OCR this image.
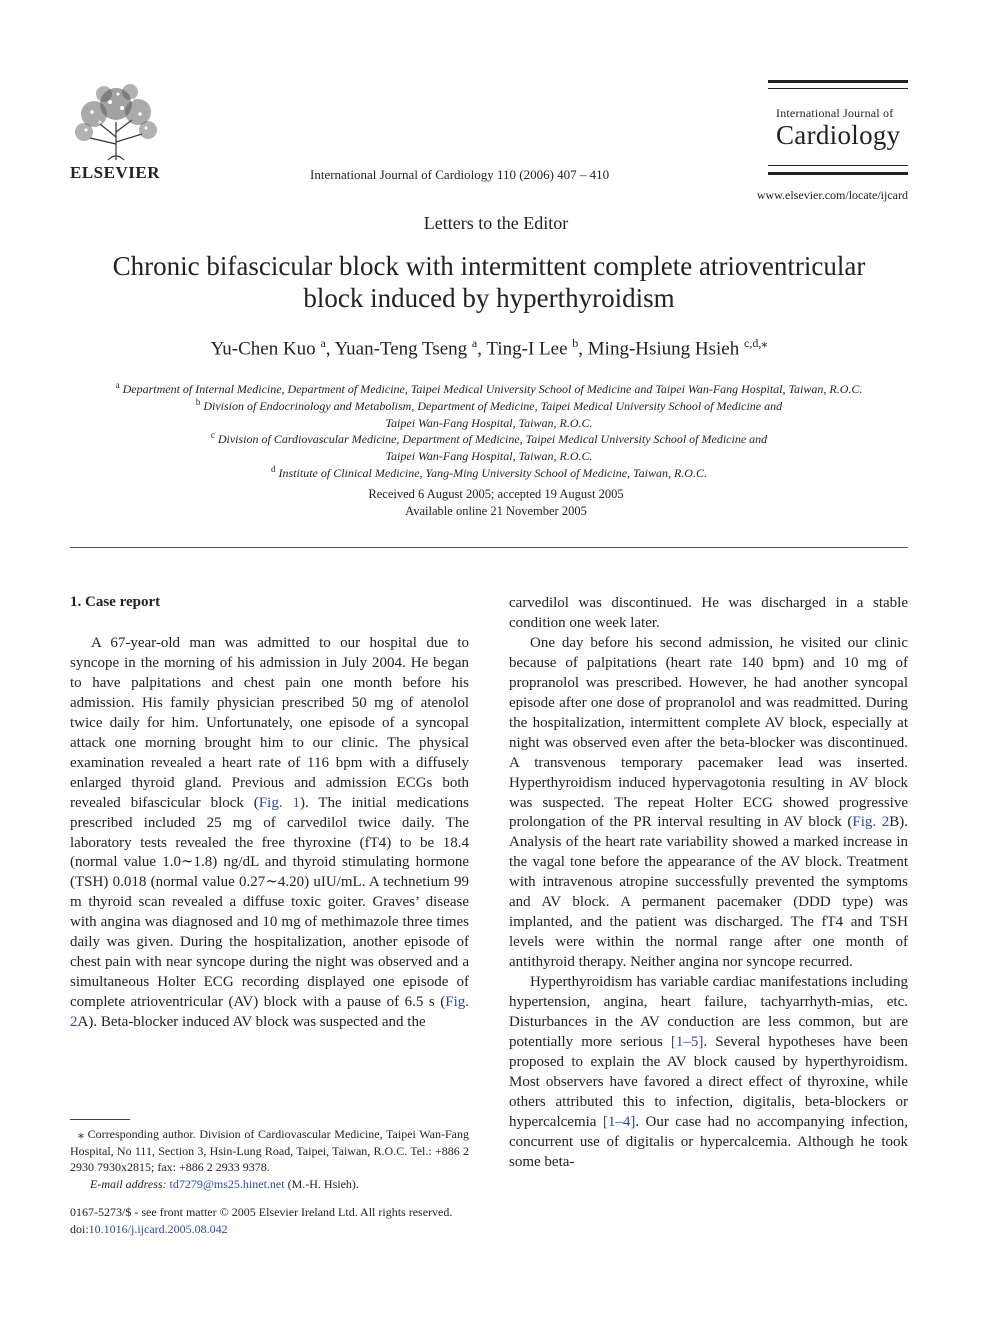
ELSEVIER	International Journal of Cardiology 110 (2006) 407 – 410
International Journal of
Cardiology
www.elsevier.com/locate/ijcard
Letters to the Editor
Chronic bifascicular block with intermittent complete atrioventricular
block induced by hyperthyroidism
Yu-Chen Kuo $^a$, Yuan-Teng Tseng $^a$, Ting-I Lee $^b$, Ming-Hsiung Hsieh $^{c,d,⁎}$
$^a$ Department of Internal Medicine, Department of Medicine, Taipei Medical University School of Medicine and Taipei Wan-Fang Hospital, Taiwan, R.O.C.
$^b$ Division of Endocrinology and Metabolism, Department of Medicine, Taipei Medical University School of Medicine and
Taipei Wan-Fang Hospital, Taiwan, R.O.C.
$^c$ Division of Cardiovascular Medicine, Department of Medicine, Taipei Medical University School of Medicine and
Taipei Wan-Fang Hospital, Taiwan, R.O.C.
$^d$ Institute of Clinical Medicine, Yang-Ming University School of Medicine, Taiwan, R.O.C.
Received 6 August 2005; accepted 19 August 2005
Available online 21 November 2005
1. Case report

A 67-year-old man was admitted to our hospital due to syncope in the morning of his admission in July 2004. He began to have palpitations and chest pain one month before his admission. His family physician prescribed 50 mg of atenolol twice daily for him. Unfortunately, one episode of a syncopal attack one morning brought him to our clinic. The physical examination revealed a heart rate of 116 bpm with a diffusely enlarged thyroid gland. Previous and admission ECGs both revealed bifascicular block (Fig. 1). The initial medications prescribed included 25 mg of carvedilol twice daily. The laboratory tests revealed the free thyroxine (fT4) to be 18.4 (normal value 1.0∼1.8) ng/dL and thyroid stimulating hormone (TSH) 0.018 (normal value 0.27∼4.20) uIU/mL. A technetium 99 m thyroid scan revealed a diffuse toxic goiter. Graves’ disease with angina was diagnosed and 10 mg of methimazole three times daily was given. During the hospitalization, another episode of chest pain with near syncope during the night was observed and a simultaneous Holter ECG recording displayed one episode of complete atrioventricular (AV) block with a pause of 6.5 s (Fig. 2A). Beta-blocker induced AV block was suspected and the

⁎ Corresponding author. Division of Cardiovascular Medicine, Taipei Wan-Fang Hospital, No 111, Section 3, Hsin-Lung Road, Taipei, Taiwan, R.O.C. Tel.: +886 2 2930 7930x2815; fax: +886 2 2933 9378.

E-mail address: td7279@ms25.hinet.net (M.-H. Hsieh).

0167-5273/$ - see front matter © 2005 Elsevier Ireland Ltd. All rights reserved.
doi:10.1016/j.ijcard.2005.08.042

carvedilol was discontinued. He was discharged in a stable condition one week later.

One day before his second admission, he visited our clinic because of palpitations (heart rate 140 bpm) and 10 mg of propranolol was prescribed. However, he had another syncopal episode after one dose of propranolol and was readmitted. During the hospitalization, intermittent complete AV block, especially at night was observed even after the beta-blocker was discontinued. A transvenous temporary pacemaker lead was inserted. Hyperthyroidism induced hypervagotonia resulting in AV block was suspected. The repeat Holter ECG showed progressive prolongation of the PR interval resulting in AV block (Fig. 2B). Analysis of the heart rate variability showed a marked increase in the vagal tone before the appearance of the AV block. Treatment with intravenous atropine successfully prevented the symptoms and AV block. A permanent pacemaker (DDD type) was implanted, and the patient was discharged. The fT4 and TSH levels were within the normal range after one month of antithyroid therapy. Neither angina nor syncope recurred.

Hyperthyroidism has variable cardiac manifestations including hypertension, angina, heart failure, tachyarrhyth-mias, etc. Disturbances in the AV conduction are less common, but are potentially more serious [1–5]. Several hypotheses have been proposed to explain the AV block caused by hyperthyroidism. Most observers have favored a direct effect of thyroxine, while others attributed this to infection, digitalis, beta-blockers or hypercalcemia [1–4]. Our case had no accompanying infection, concurrent use of digitalis or hypercalcemia. Although he took some beta-
